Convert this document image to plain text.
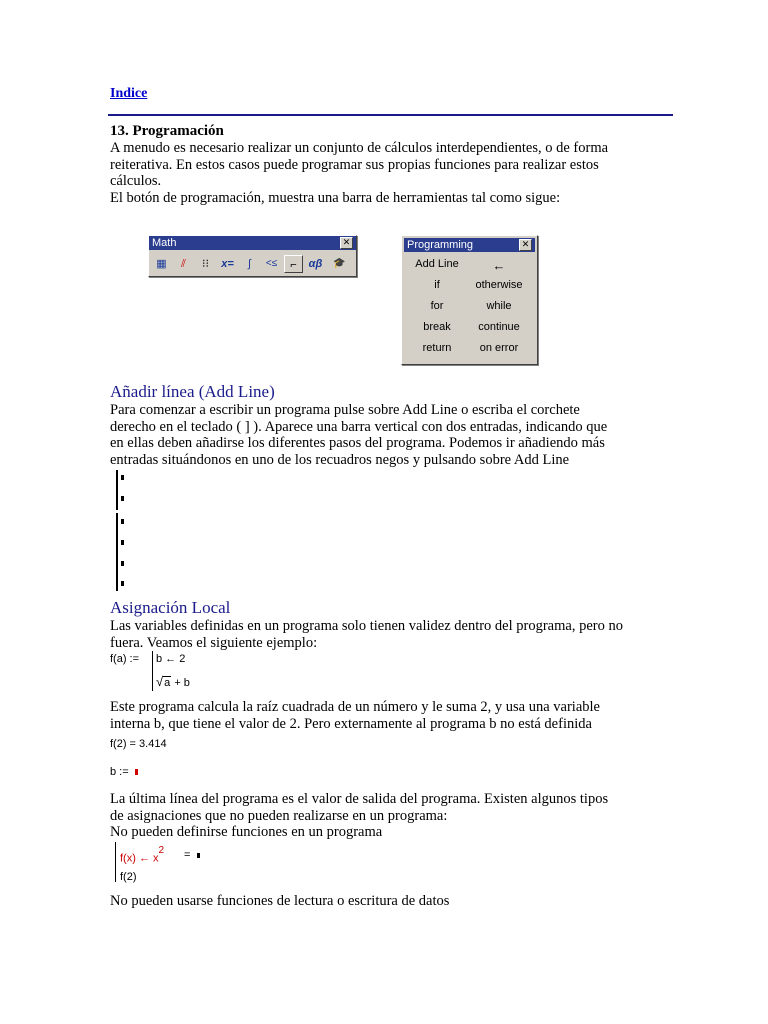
Indice
13. Programación
A menudo es necesario realizar un conjunto de cálculos interdependientes, o de forma
reiterativa. En estos casos puede programar sus propias funciones para realizar estos
cálculos.
El botón de programación, muestra una barra de herramientas tal como sigue:
Math	✕
▦	⫽	⁝⁝	x=	∫	<≤	⌐	αβ	🎓
Programming	✕
Add Line	←
if	otherwise
for	while
break	continue
return	on error
Añadir línea (Add Line)
Para comenzar a escribir un programa pulse sobre Add Line o escriba el corchete
derecho en el teclado ( ] ). Aparece una barra vertical con dos entradas, indicando que
en ellas deben añadirse los diferentes pasos del programa. Podemos ir añadiendo más
entradas situándonos en uno de los recuadros negos y pulsando sobre Add Line
Asignación Local
Las variables definidas en un programa solo tienen validez dentro del programa, pero no
fuera. Veamos el siguiente ejemplo:
f(a) := b ← 2
√a + b
Este programa calcula la raíz cuadrada de un número y le suma 2, y usa una variable
interna b, que tiene el valor de 2. Pero externamente al programa b no está definida
f(2) = 3.414
b :=
La última línea del programa es el valor de salida del programa. Existen algunos tipos
de asignaciones que no pueden realizarse en un programa:
No pueden definirse funciones en un programa
f(x) ← $x^2$ =
f(2)
No pueden usarse funciones de lectura o escritura de datos
